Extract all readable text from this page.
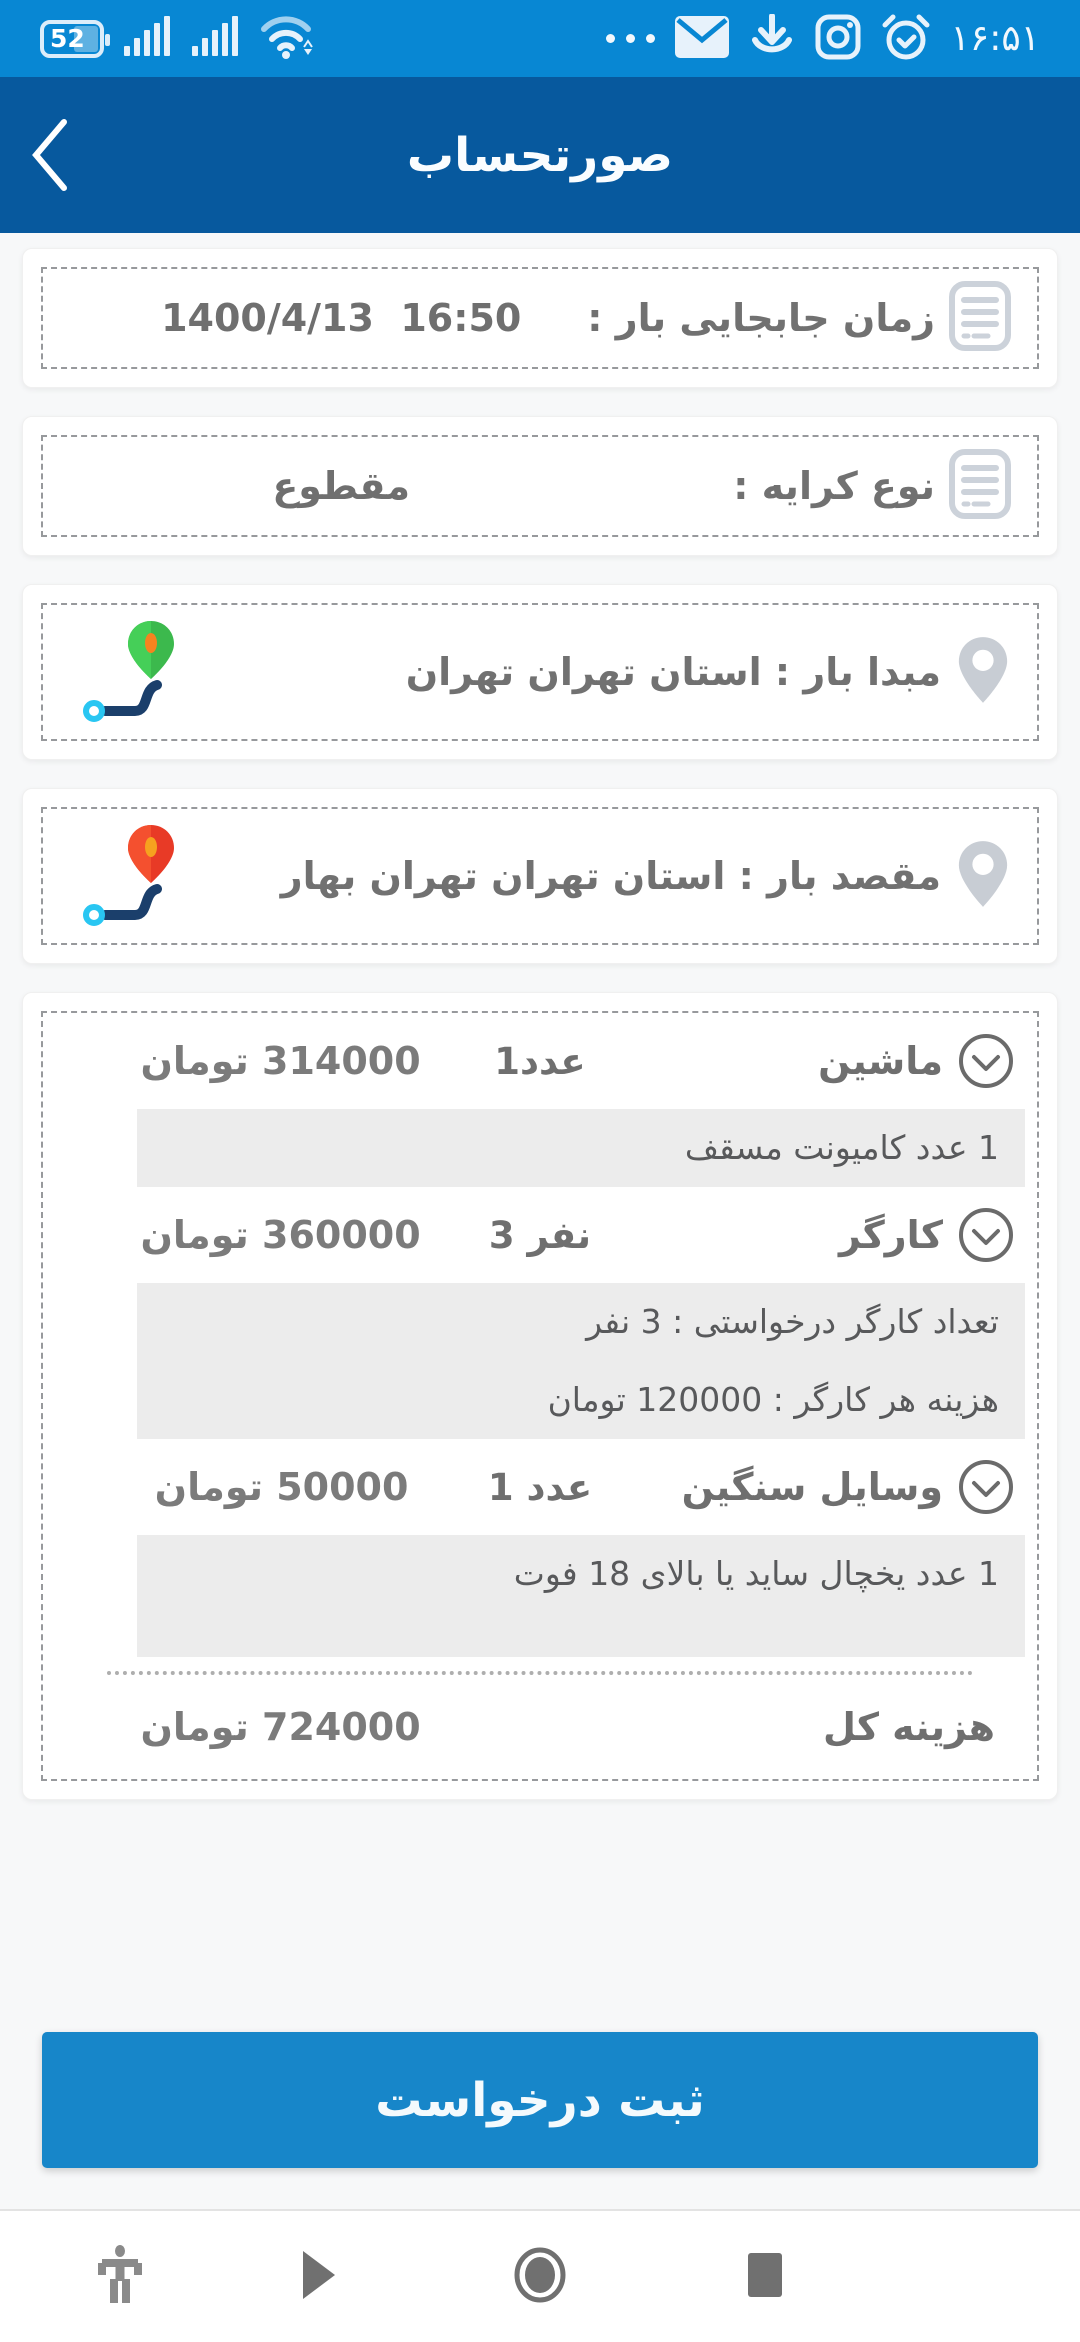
52	۱۶:۵۱
صورتحساب
زمان جابجایی بار :
1400/4/13  16:50
نوع کرایه :
مقطوع
مبدا بار : استان تهران تهران
مقصد بار : استان تهران تهران بهار
ماشین
1عدد
314000 تومان
1 عدد کامیونت مسقف
کارگر
3 نفر
360000 تومان
تعداد کارگر درخواستی : 3 نفر
هزینه هر کارگر : 120000 تومان
وسایل سنگین
1 عدد
50000 تومان
1 عدد یخچال ساید یا بالای 18 فوت
هزینه کل
724000 تومان
ثبت درخواست
